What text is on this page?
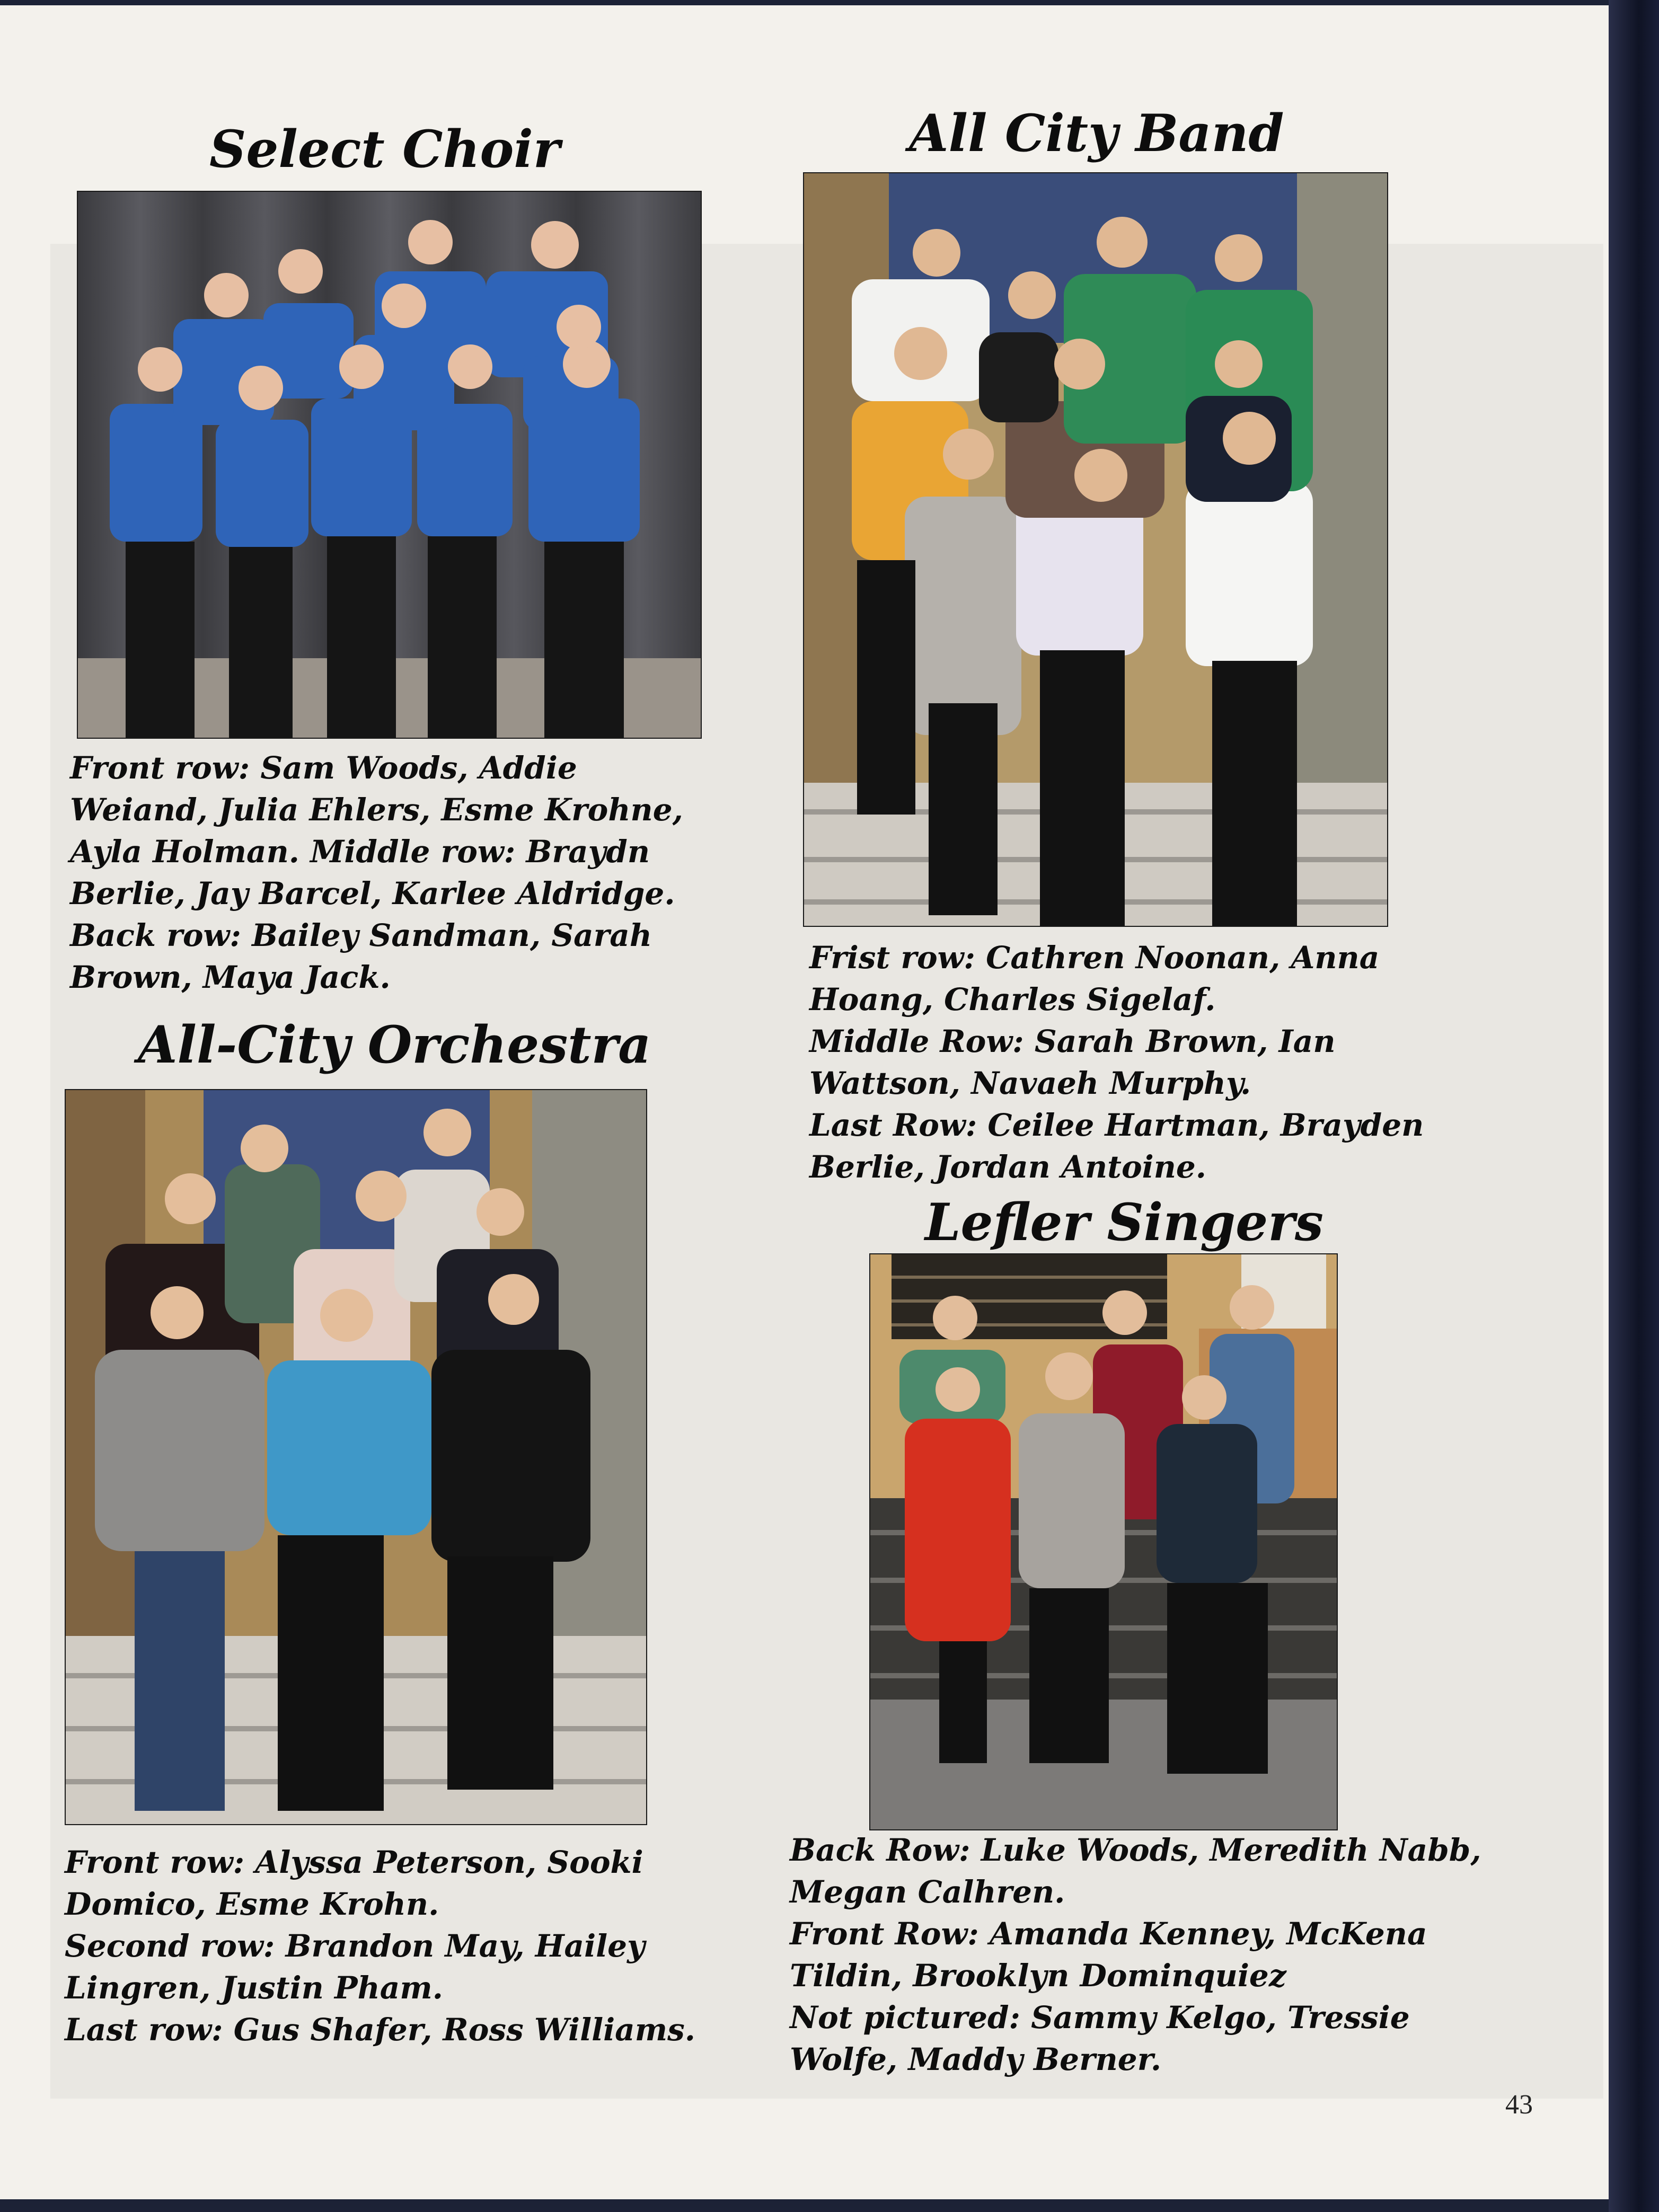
Select Choir

Front row: Sam Woods, Addie

Weiand, Julia Ehlers, Esme Krohne,

Ayla Holman. Middle row: Braydn

Berlie, Jay Barcel, Karlee Aldridge.

Back row: Bailey Sandman, Sarah

Brown, Maya Jack.

All City Band

Frist row: Cathren Noonan, Anna

Hoang, Charles Sigelaf.

Middle Row: Sarah Brown, Ian

Wattson, Navaeh Murphy.

Last Row: Ceilee Hartman, Brayden

Berlie, Jordan Antoine.

All-City Orchestra

Front row: Alyssa Peterson, Sooki

Domico, Esme Krohn.

Second row: Brandon May, Hailey

Lingren, Justin Pham.

Last row: Gus Shafer, Ross Williams.

Lefler Singers

Back Row: Luke Woods, Meredith Nabb,

Megan Calhren.

Front Row: Amanda Kenney, McKena

Tildin, Brooklyn Dominquiez

Not pictured: Sammy Kelgo, Tressie

Wolfe, Maddy Berner.

43
